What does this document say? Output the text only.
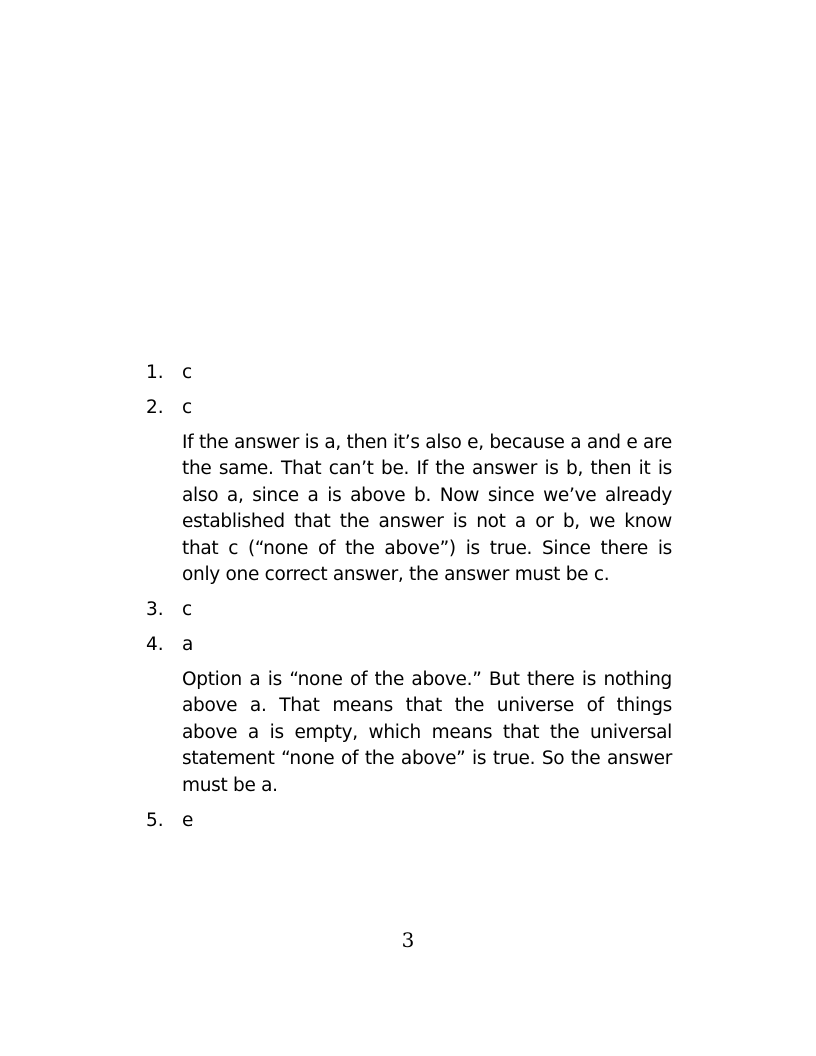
1. c
2. c
If the answer is a, then it’s also e, because a and e are the same. That can’t be. If the answer is b, then it is also a, since a is above b. Now since we’ve already established that the answer is not a or b, we know that c (“none of the above”) is true. Since there is only one correct answer, the answer must be c.
3. c
4. a
Option a is “none of the above.” But there is nothing above a. That means that the universe of things above a is empty, which means that the universal statement “none of the above” is true. So the answer must be a.
5. e
3
